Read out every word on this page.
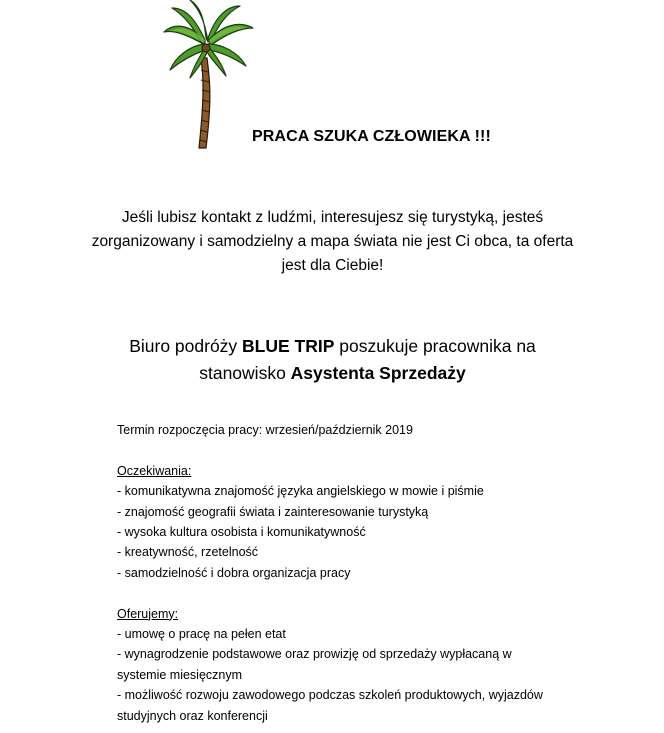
PRACA SZUKA CZŁOWIEKA !!!
Jeśli lubisz kontakt z ludźmi, interesujesz się turystyką, jesteś
zorganizowany i samodzielny a mapa świata nie jest Ci obca, ta oferta
jest dla Ciebie!
Biuro podróży BLUE TRIP poszukuje pracownika na
stanowisko Asystenta Sprzedaży
Termin rozpoczęcia pracy: wrzesień/październik 2019
Oczekiwania:
- komunikatywna znajomość języka angielskiego w mowie i piśmie
- znajomość geografii świata i zainteresowanie turystyką
- wysoka kultura osobista i komunikatywność
- kreatywność, rzetelność
- samodzielność i dobra organizacja pracy
Oferujemy:
- umowę o pracę na pełen etat
- wynagrodzenie podstawowe oraz prowizję od sprzedaży wypłacaną w
systemie miesięcznym
- możliwość rozwoju zawodowego podczas szkoleń produktowych, wyjazdów
studyjnych oraz konferencji
